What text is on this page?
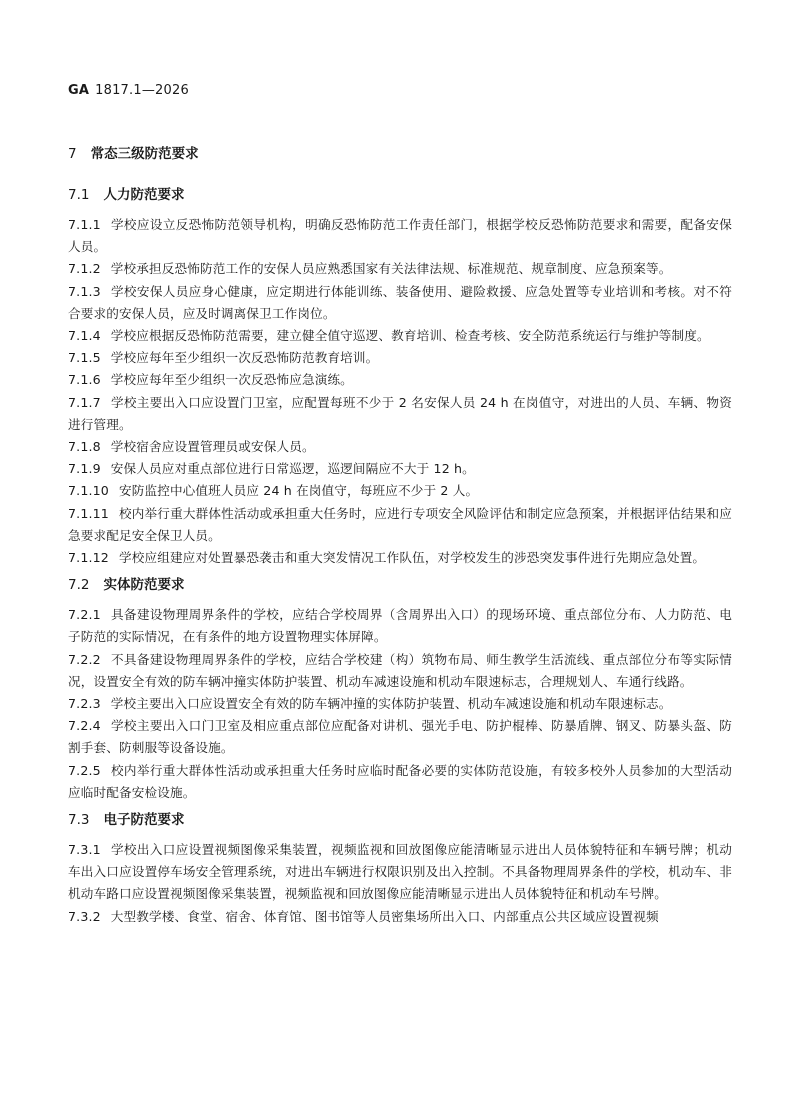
GA 1817.1—2026
7 常态三级防范要求
7.1 人力防范要求

7.1.1 学校应设立反恐怖防范领导机构，明确反恐怖防范工作责任部门，根据学校反恐怖防范要求和需要，配备安保人员。

7.1.2 学校承担反恐怖防范工作的安保人员应熟悉国家有关法律法规、标准规范、规章制度、应急预案等。

7.1.3 学校安保人员应身心健康，应定期进行体能训练、装备使用、避险救援、应急处置等专业培训和考核。对不符合要求的安保人员，应及时调离保卫工作岗位。

7.1.4 学校应根据反恐怖防范需要，建立健全值守巡逻、教育培训、检查考核、安全防范系统运行与维护等制度。

7.1.5 学校应每年至少组织一次反恐怖防范教育培训。

7.1.6 学校应每年至少组织一次反恐怖应急演练。

7.1.7 学校主要出入口应设置门卫室，应配置每班不少于 2 名安保人员 24 h 在岗值守，对进出的人员、车辆、物资进行管理。

7.1.8 学校宿舍应设置管理员或安保人员。

7.1.9 安保人员应对重点部位进行日常巡逻，巡逻间隔应不大于 12 h。

7.1.10 安防监控中心值班人员应 24 h 在岗值守，每班应不少于 2 人。

7.1.11 校内举行重大群体性活动或承担重大任务时，应进行专项安全风险评估和制定应急预案，并根据评估结果和应急要求配足安全保卫人员。

7.1.12 学校应组建应对处置暴恐袭击和重大突发情况工作队伍，对学校发生的涉恐突发事件进行先期应急处置。

7.2 实体防范要求

7.2.1 具备建设物理周界条件的学校，应结合学校周界（含周界出入口）的现场环境、重点部位分布、人力防范、电子防范的实际情况，在有条件的地方设置物理实体屏障。

7.2.2 不具备建设物理周界条件的学校，应结合学校建（构）筑物布局、师生教学生活流线、重点部位分布等实际情况，设置安全有效的防车辆冲撞实体防护装置、机动车减速设施和机动车限速标志，合理规划人、车通行线路。

7.2.3 学校主要出入口应设置安全有效的防车辆冲撞的实体防护装置、机动车减速设施和机动车限速标志。

7.2.4 学校主要出入口门卫室及相应重点部位应配备对讲机、强光手电、防护棍棒、防暴盾牌、钢叉、防暴头盔、防割手套、防刺服等设备设施。

7.2.5 校内举行重大群体性活动或承担重大任务时应临时配备必要的实体防范设施，有较多校外人员参加的大型活动应临时配备安检设施。

7.3 电子防范要求

7.3.1 学校出入口应设置视频图像采集装置，视频监视和回放图像应能清晰显示进出人员体貌特征和车辆号牌；机动车出入口应设置停车场安全管理系统，对进出车辆进行权限识别及出入控制。不具备物理周界条件的学校，机动车、非机动车路口应设置视频图像采集装置，视频监视和回放图像应能清晰显示进出人员体貌特征和机动车号牌。

7.3.2 大型教学楼、食堂、宿舍、体育馆、图书馆等人员密集场所出入口、内部重点公共区域应设置视频
